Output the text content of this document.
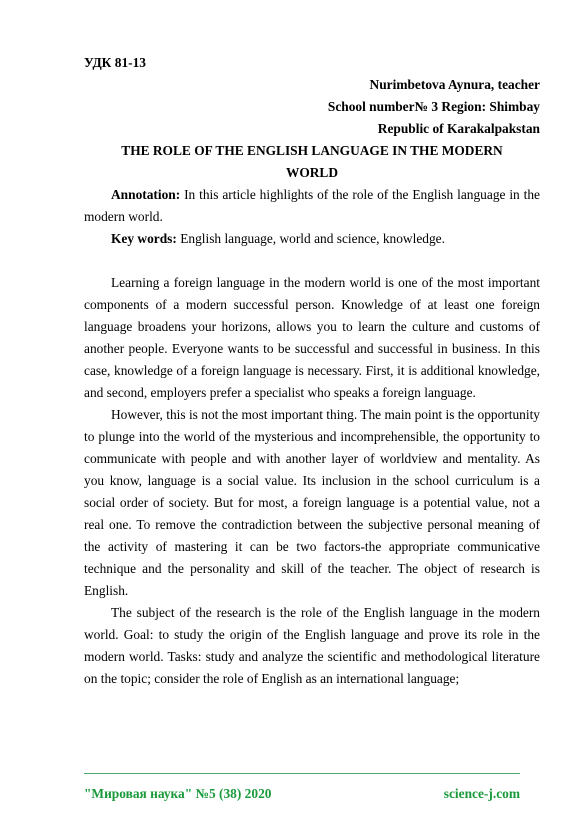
УДК 81-13
Nurimbetova Aynura, teacher
School number№ 3 Region: Shimbay
Republic of Karakalpakstan
THE ROLE OF THE ENGLISH LANGUAGE IN THE MODERN
WORLD
Annotation: In this article highlights of the role of the English language in the modern world.
Key words: English language, world and science, knowledge.
Learning a foreign language in the modern world is one of the most important components of a modern successful person. Knowledge of at least one foreign language broadens your horizons, allows you to learn the culture and customs of another people. Everyone wants to be successful and successful in business. In this case, knowledge of a foreign language is necessary. First, it is additional knowledge, and second, employers prefer a specialist who speaks a foreign language.
However, this is not the most important thing. The main point is the opportunity to plunge into the world of the mysterious and incomprehensible, the opportunity to communicate with people and with another layer of worldview and mentality. As you know, language is a social value. Its inclusion in the school curriculum is a social order of society. But for most, a foreign language is a potential value, not a real one. To remove the contradiction between the subjective personal meaning of the activity of mastering it can be two factors-the appropriate communicative technique and the personality and skill of the teacher. The object of research is English.
The subject of the research is the role of the English language in the modern world. Goal: to study the origin of the English language and prove its role in the modern world. Tasks: study and analyze the scientific and methodological literature on the topic; consider the role of English as an international language;
"Мировая наука" №5 (38) 2020	science-j.com
